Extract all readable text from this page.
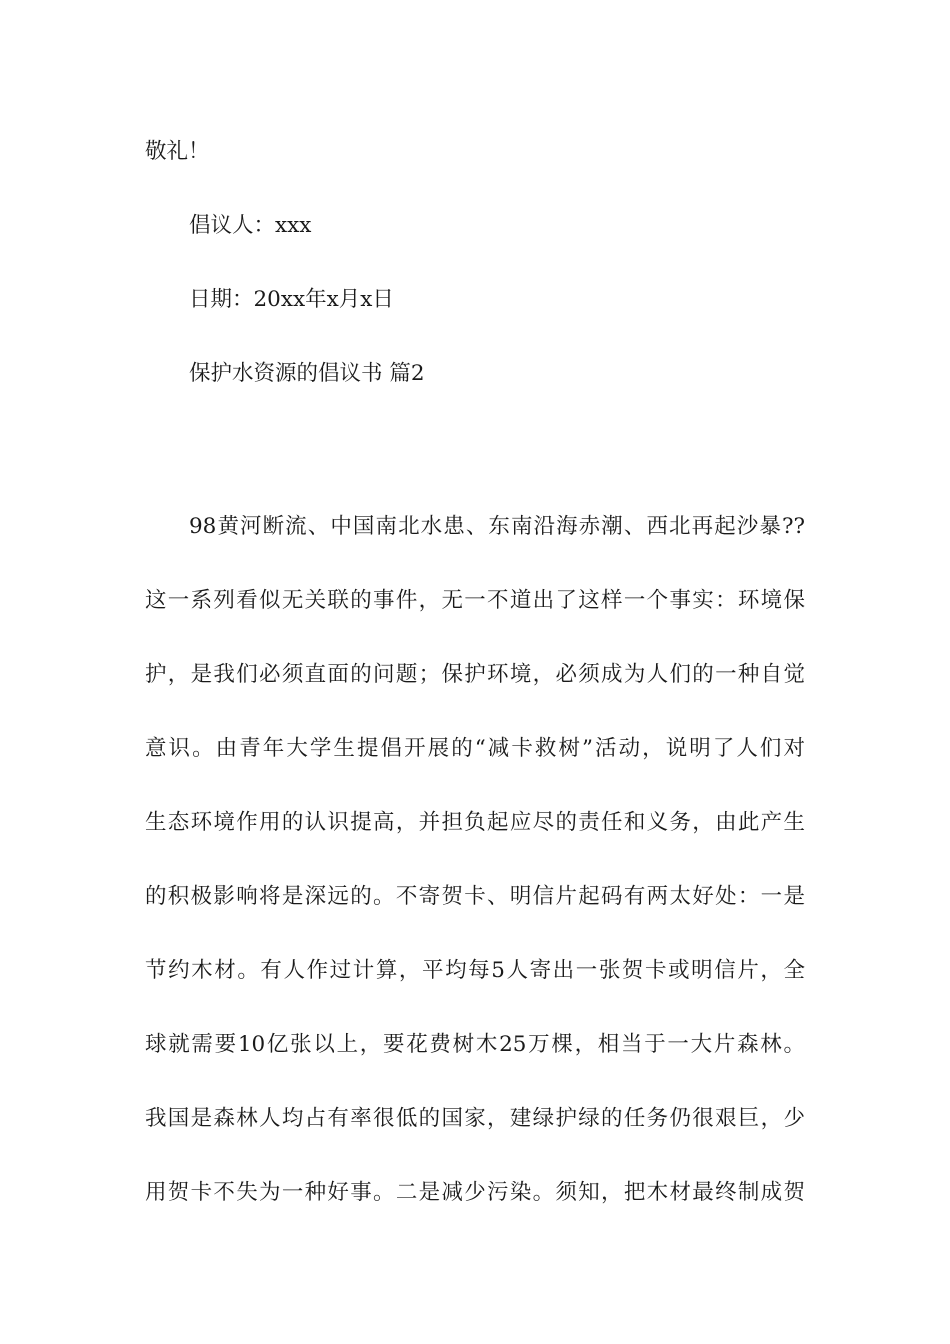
敬礼！
倡议人：xxx
日期：20xx年x月x日
保护水资源的倡议书 篇2
98黄河断流、中国南北水患、东南沿海赤潮、西北再起沙暴??
这一系列看似无关联的事件，无一不道出了这样一个事实：环境保
护，是我们必须直面的问题；保护环境，必须成为人们的一种自觉
意识。由青年大学生提倡开展的“减卡救树”活动，说明了人们对
生态环境作用的认识提高，并担负起应尽的责任和义务，由此产生
的积极影响将是深远的。不寄贺卡、明信片起码有两太好处：一是
节约木材。有人作过计算，平均每5人寄出一张贺卡或明信片，全
球就需要10亿张以上，要花费树木25万棵，相当于一大片森林。
我国是森林人均占有率很低的国家，建绿护绿的任务仍很艰巨，少
用贺卡不失为一种好事。二是减少污染。须知，把木材最终制成贺
